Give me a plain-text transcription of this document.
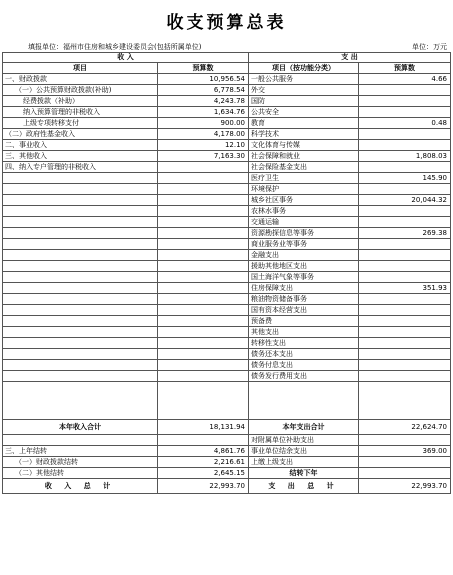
收支预算总表
填报单位：福州市住房和城乡建设委员会(包括所属单位)	单位：万元
收 入		支 出	
项目	预算数	项目（按功能分类）	预算数
一、财政拨款	10,956.54	一般公共服务	4.66
（一）公共预算财政拨款(补助)	6,778.54	外交	
经费拨款（补助）	4,243.78	国防	
纳入预算管理的非税收入	1,634.76	公共安全	
上级专项转移支付	900.00	教育	0.48
（二）政府性基金收入	4,178.00	科学技术	
二、事业收入	12.10	文化体育与传媒	
三、其他收入	7,163.30	社会保障和就业	1,808.03
四、纳入专户管理的非税收入		社会保险基金支出	
		医疗卫生	145.90
		环境保护	
		城乡社区事务	20,044.32
		农林水事务	
		交通运输	
		资源勘探信息等事务	269.38
		商业服务业等事务	
		金融支出	
		援助其他地区支出	
		国土海洋气象等事务	
		住房保障支出	351.93
		粮油物资储备事务	
		国有资本经营支出	
		预备费	
		其他支出	
		转移性支出	
		债务还本支出	
		债务付息支出	
		债务发行费用支出	

本年收入合计	18,131.94	本年支出合计	22,624.70
		对附属单位补助支出	
三、上年结转	4,861.76	事业单位结余支出	369.00
（一）财政拨款结转	2,216.61	上缴上级支出	
（二）其他结转	2,645.15	结转下年	
收 入 总 计	22,993.70	支 出 总 计	22,993.70
